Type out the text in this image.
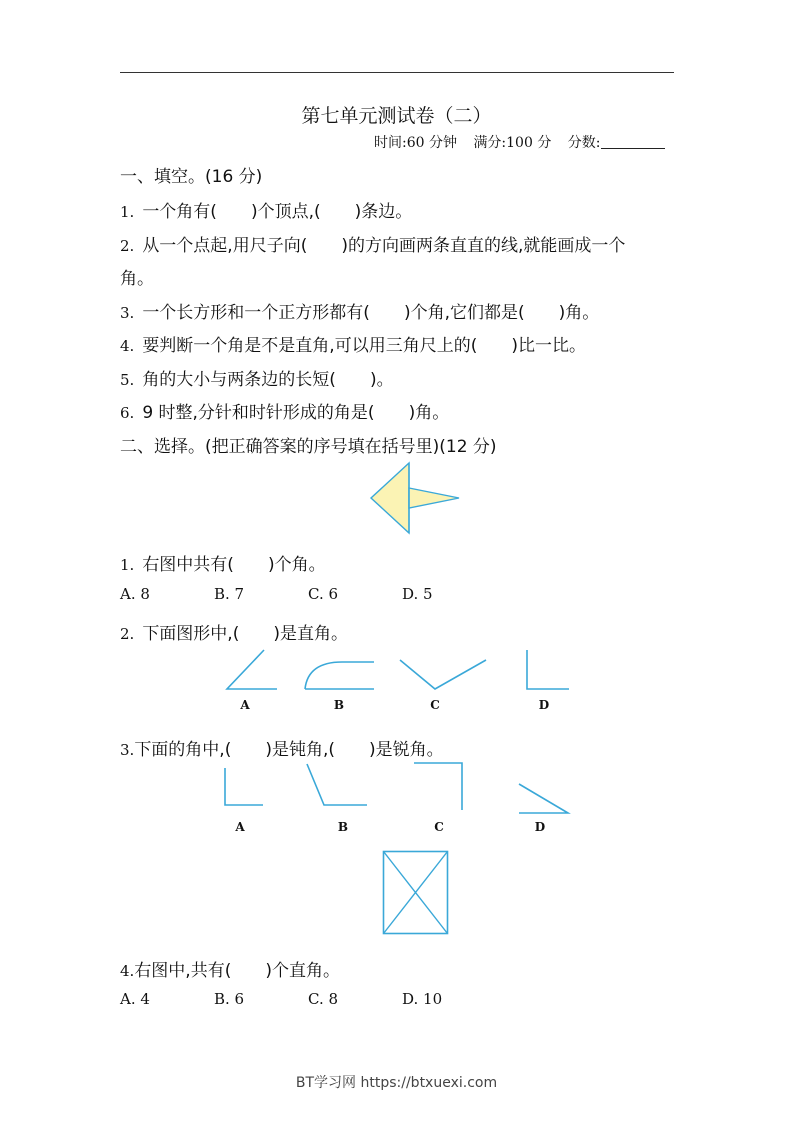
第七单元测试卷（二）
时间:60 分钟 满分:100 分 分数:
一、填空。(16 分)
1. 一个角有(　　)个顶点,(　　)条边。
2. 从一个点起,用尺子向(　　)的方向画两条直直的线,就能画成一个
角。
3. 一个长方形和一个正方形都有(　　)个角,它们都是(　　)角。
4. 要判断一个角是不是直角,可以用三角尺上的(　　)比一比。
5. 角的大小与两条边的长短(　　)。
6. 9 时整,分针和时针形成的角是(　　)角。
二、选择。(把正确答案的序号填在括号里)(12 分)
1. 右图中共有(　　)个角。
A. 8	B. 7	C. 6	D. 5
2. 下面图形中,(　　)是直角。
A	B	C	D
3.下面的角中,(　　)是钝角,(　　)是锐角。
A	B	C	D
4.右图中,共有(　　)个直角。
A. 4	B. 6	C. 8	D. 10
BT学习网 https://btxuexi.com
